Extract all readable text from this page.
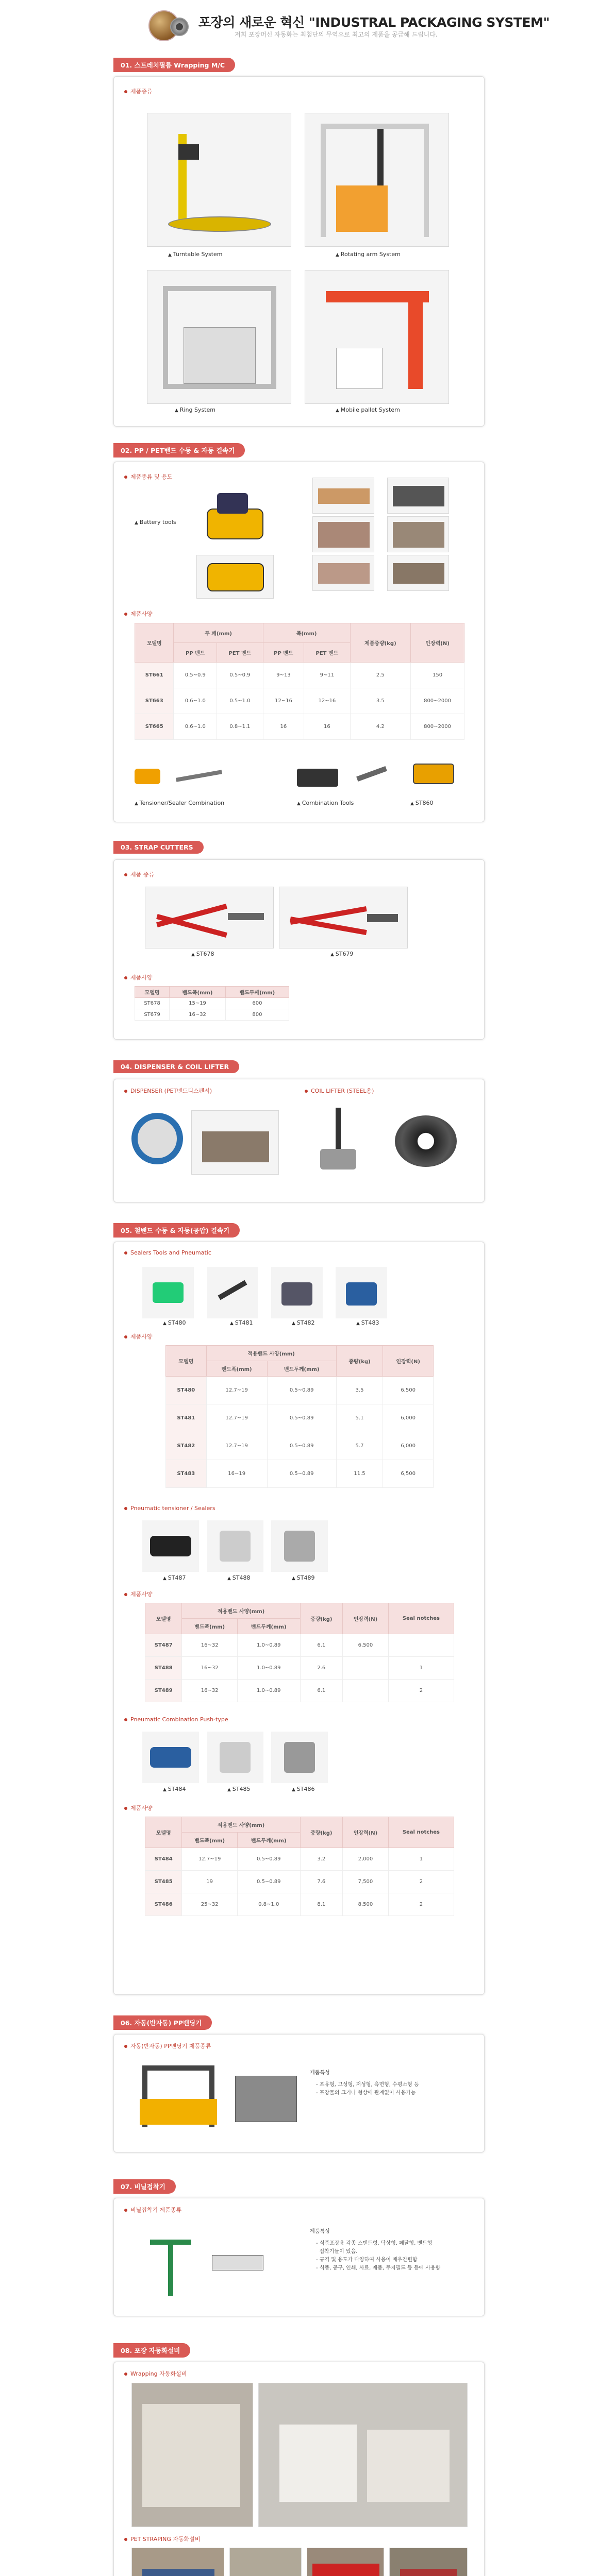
포장의 새로운 혁신 "INDUSTRAL PACKAGING SYSTEM"

저희 포장머신 자동화는 최첨단의 무역으로 최고의 제품을 공급해 드립니다.

01. 스트레치필름 Wrapping M/C
제품종류
▲ Turntable System	▲ Rotating arm System
▲ Ring System	▲ Mobile pallet System
02. PP / PET밴드 수동 & 자동 결속기
제품종류 및 용도
▲ Battery tools
제품사양
모델명	두 께(mm)		폭(mm)		제품중량(kg)	인장력(N)
	PP 밴드	PET 밴드	PP 밴드	PET 밴드		
ST661	0.5~0.9	0.5~0.9	9~13	9~11	2.5	150
ST663	0.6~1.0	0.5~1.0	12~16	12~16	3.5	800~2000
ST665	0.6~1.0	0.8~1.1	16	16	4.2	800~2000
▲ Tensioner/Sealer Combination	▲ Combination Tools	▲ ST860
03. STRAP CUTTERS
제품 종류
▲ ST678	▲ ST679
제품사양
모델명	밴드폭(mm)	밴드두께(mm)
ST678	15~19	600
ST679	16~32	800
04. DISPENSER & COIL LIFTER
DISPENSER (PET밴드디스펜서)	COIL LIFTER (STEEL용)
05. 철밴드 수동 & 자동(공압) 결속기
Sealers Tools and Pneumatic
▲ ST480	▲ ST481	▲ ST482	▲ ST483
제품사양
모델명	적용밴드 사양(mm)		중량(kg)	인장력(N)
	밴드폭(mm)	밴드두께(mm)		
ST480	12.7~19	0.5~0.89	3.5	6,500
ST481	12.7~19	0.5~0.89	5.1	6,000
ST482	12.7~19	0.5~0.89	5.7	6,000
ST483	16~19	0.5~0.89	11.5	6,500
Pneumatic tensioner / Sealers
▲ ST487	▲ ST488	▲ ST489
제품사양
모델명	적용밴드 사양(mm)		중량(kg)	인장력(N)	Seal notches
	밴드폭(mm)	밴드두께(mm)			
ST487	16~32	1.0~0.89	6.1	6,500	
ST488	16~32	1.0~0.89	2.6		1
ST489	16~32	1.0~0.89	6.1		2
Pneumatic Combination Push-type
▲ ST484	▲ ST485	▲ ST486
제품사양
모델명	적용밴드 사양(mm)		중량(kg)	인장력(N)	Seal notches
	밴드폭(mm)	밴드두께(mm)			
ST484	12.7~19	0.5~0.89	3.2	2,000	1
ST485	19	0.5~0.89	7.6	7,500	2
ST486	25~32	0.8~1.0	8.1	8,500	2
06. 자동(반자동) PP밴딩기
자동(반자동) PP밴딩기 제품종류
제품특성
- 포유형, 고성형, 저성형, 측면형, 수평소형 등
- 포장물의 크기나 형상에 관계없이 사용가능
07. 비닐접착기
비닐접착기 제품종류
제품특성
- 식품포장용 각종 스탠드형, 탁상형, 페달형, 밴드형
접착기들이 있음.
- 규격 및 용도가 다양하여 사용이 매우간편함
- 식품, 공구, 인쇄, 사료, 제품, 무지필드 등 등에 사용함
08. 포장 자동화설비
Wrapping 자동화설비
PET STRAPING 자동화설비
